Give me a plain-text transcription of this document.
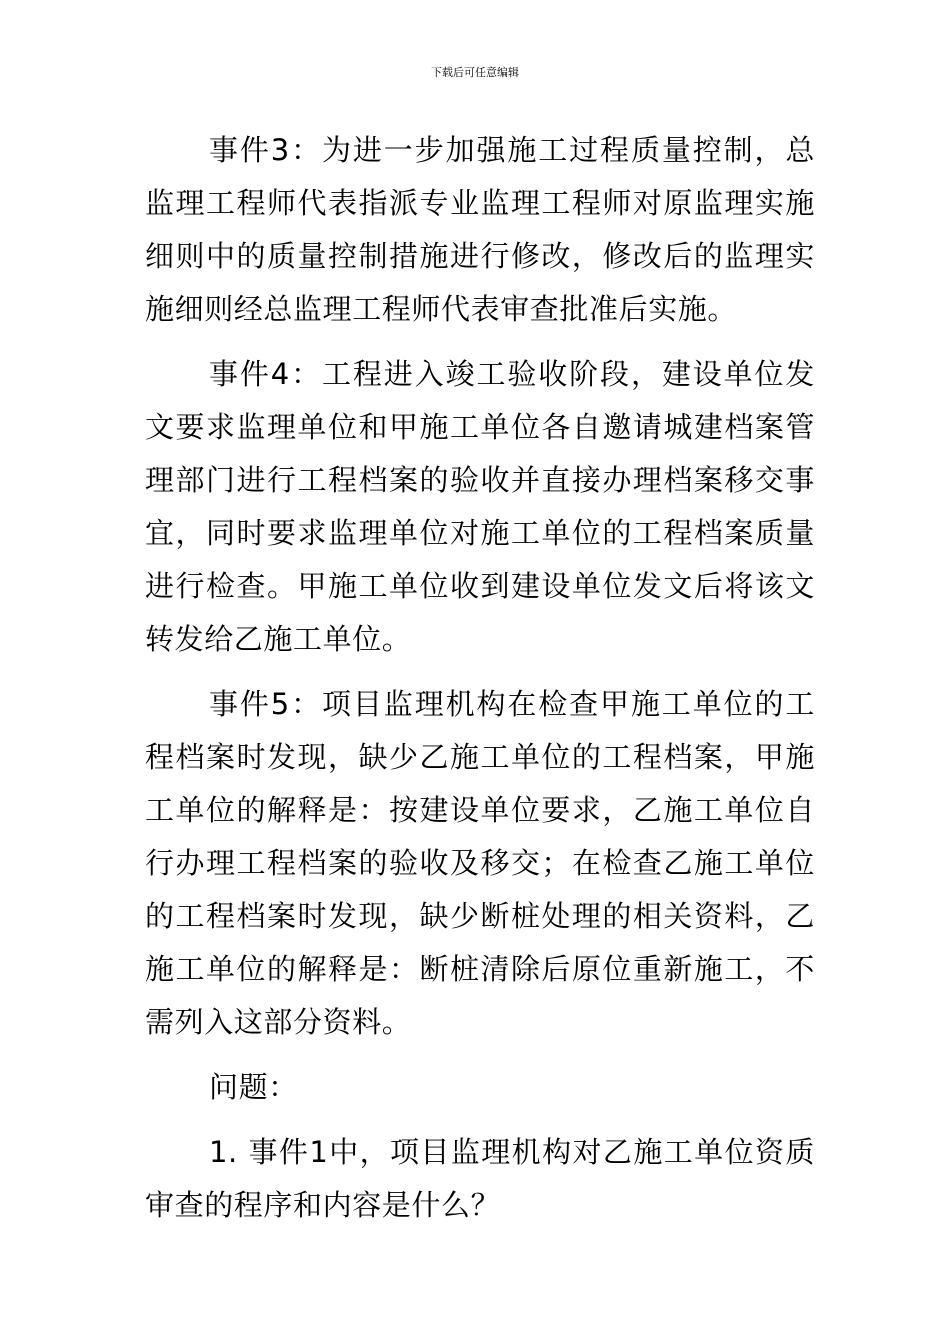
下载后可任意编辑

事件3：为进一步加强施工过程质量控制，总监理工程师代表指派专业监理工程师对原监理实施细则中的质量控制措施进行修改，修改后的监理实施细则经总监理工程师代表审查批准后实施。

事件4：工程进入竣工验收阶段，建设单位发文要求监理单位和甲施工单位各自邀请城建档案管理部门进行工程档案的验收并直接办理档案移交事宜，同时要求监理单位对施工单位的工程档案质量进行检查。甲施工单位收到建设单位发文后将该文转发给乙施工单位。

事件5：项目监理机构在检查甲施工单位的工程档案时发现，缺少乙施工单位的工程档案，甲施工单位的解释是：按建设单位要求，乙施工单位自行办理工程档案的验收及移交；在检查乙施工单位的工程档案时发现，缺少断桩处理的相关资料，乙施工单位的解释是：断桩清除后原位重新施工，不需列入这部分资料。

问题：

1. 事件1中，项目监理机构对乙施工单位资质审查的程序和内容是什么？
